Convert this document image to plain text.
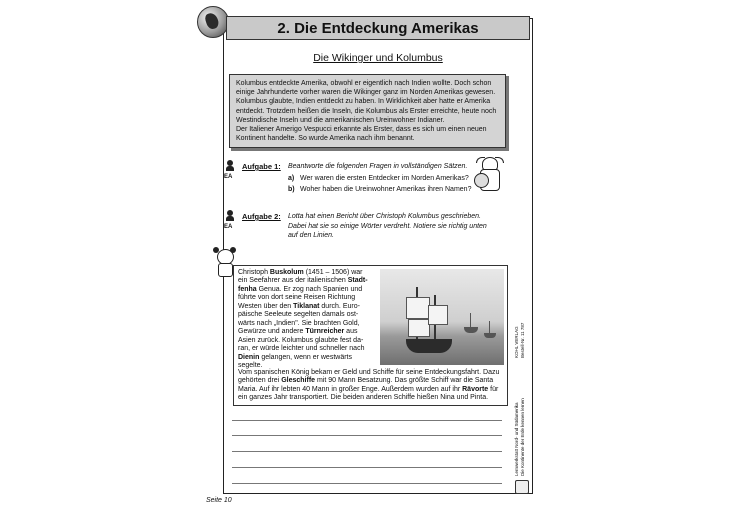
2. Die Entdeckung Amerikas
Die Wikinger und Kolumbus
Kolumbus entdeckte Amerika, obwohl er eigentlich nach Indien wollte. Doch schon
einige Jahrhunderte vorher waren die Wikinger ganz im Norden Amerikas gewesen.
Kolumbus glaubte, Indien entdeckt zu haben. In Wirklichkeit aber hatte er Amerika
entdeckt. Trotzdem heißen die Inseln, die Kolumbus als Erster erreichte, heute noch
Westindische Inseln und die amerikanischen Ureinwohner Indianer.
Der Italiener Amerigo Vespucci erkannte als Erster, dass es sich um einen neuen
Kontinent handelte. So wurde Amerika nach ihm benannt.
EA
Aufgabe 1: Beantworte die folgenden Fragen in vollständigen Sätzen.
a) Wer waren die ersten Entdecker im Norden Amerikas?
b) Woher haben die Ureinwohner Amerikas ihren Namen?
EA
Aufgabe 2: Lotta hat einen Bericht über Christoph Kolumbus geschrieben.
Dabei hat sie so einige Wörter verdreht. Notiere sie richtig unten
auf den Linien.
Christoph Buskolum (1451 – 1506) war
ein Seefahrer aus der italienischen Stadt-
fenha Genua. Er zog nach Spanien und
führte von dort seine Reisen Richtung
Westen über den Tiklanat durch. Euro-
päische Seeleute segelten damals ost-
wärts nach „Indien". Sie brachten Gold,
Gewürze und andere Türnreicher aus
Asien zurück. Kolumbus glaubte fest da-
ran, er würde leichter und schneller nach
Dienin gelangen, wenn er westwärts
segelte.
Vom spanischen König bekam er Geld und Schiffe für seine Entdeckungsfahrt. Dazu
gehörten drei Gleschiffe mit 90 Mann Besatzung. Das größte Schiff war die Santa
Maria. Auf ihr lebten 40 Mann in großer Enge. Außerdem wurden auf ihr Rävorte für
ein ganzes Jahr transportiert. Die beiden anderen Schiffe hießen Nina und Pinta.
Lernwerkstatt Nord- und Südamerika Die Kontinente der Erde kennen lernen
Bestell-Nr. 11 787
KOHL VERLAG
Seite 10
